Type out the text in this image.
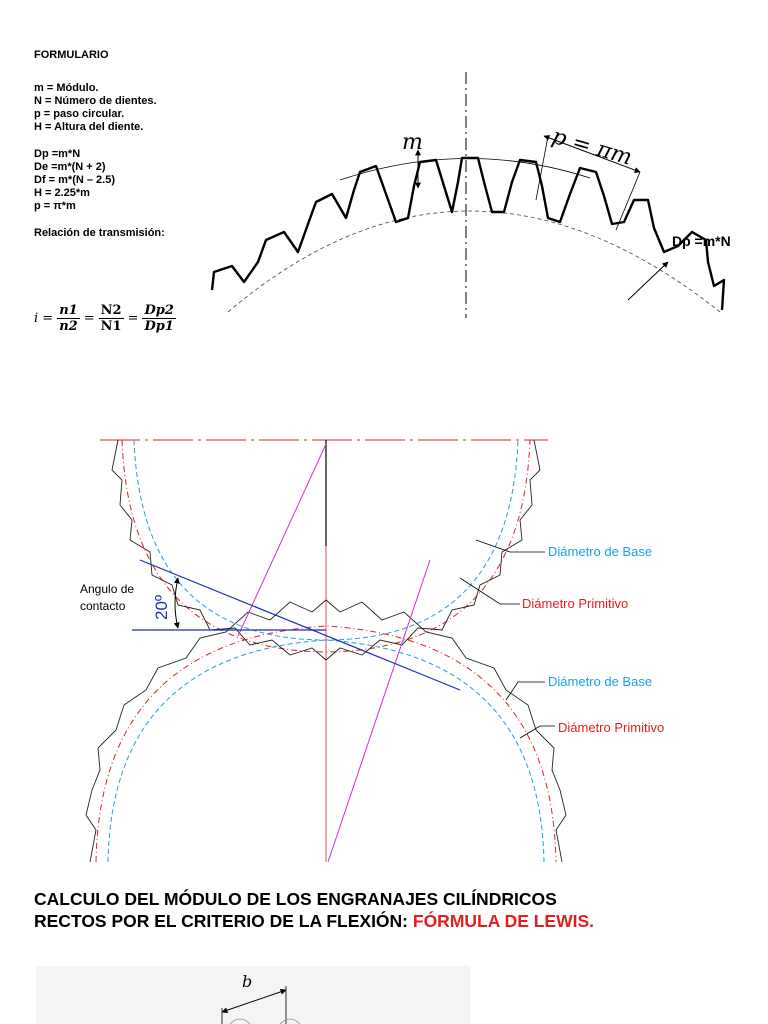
FORMULARIO
m = Módulo.
N = Número de dientes.
p = paso circular.
H = Altura del diente.
Dp =m*N
De =m*(N + 2)
Df = m*(N – 2.5)
H = 2.25*m
p = π*m
Relación de transmisión:
$i = \frac{n1}{n2} = \frac{N2}{N1} = \frac{Dp2}{Dp1}$
m	p = πm
Dp =m*N
Angulo de
contacto 20º
Diámetro de Base
Diámetro Primitivo
Diámetro de Base
Diámetro Primitivo
CALCULO DEL MÓDULO DE LOS ENGRANAJES CILÍNDRICOS
RECTOS POR EL CRITERIO DE LA FLEXIÓN: FÓRMULA DE LEWIS.
b
